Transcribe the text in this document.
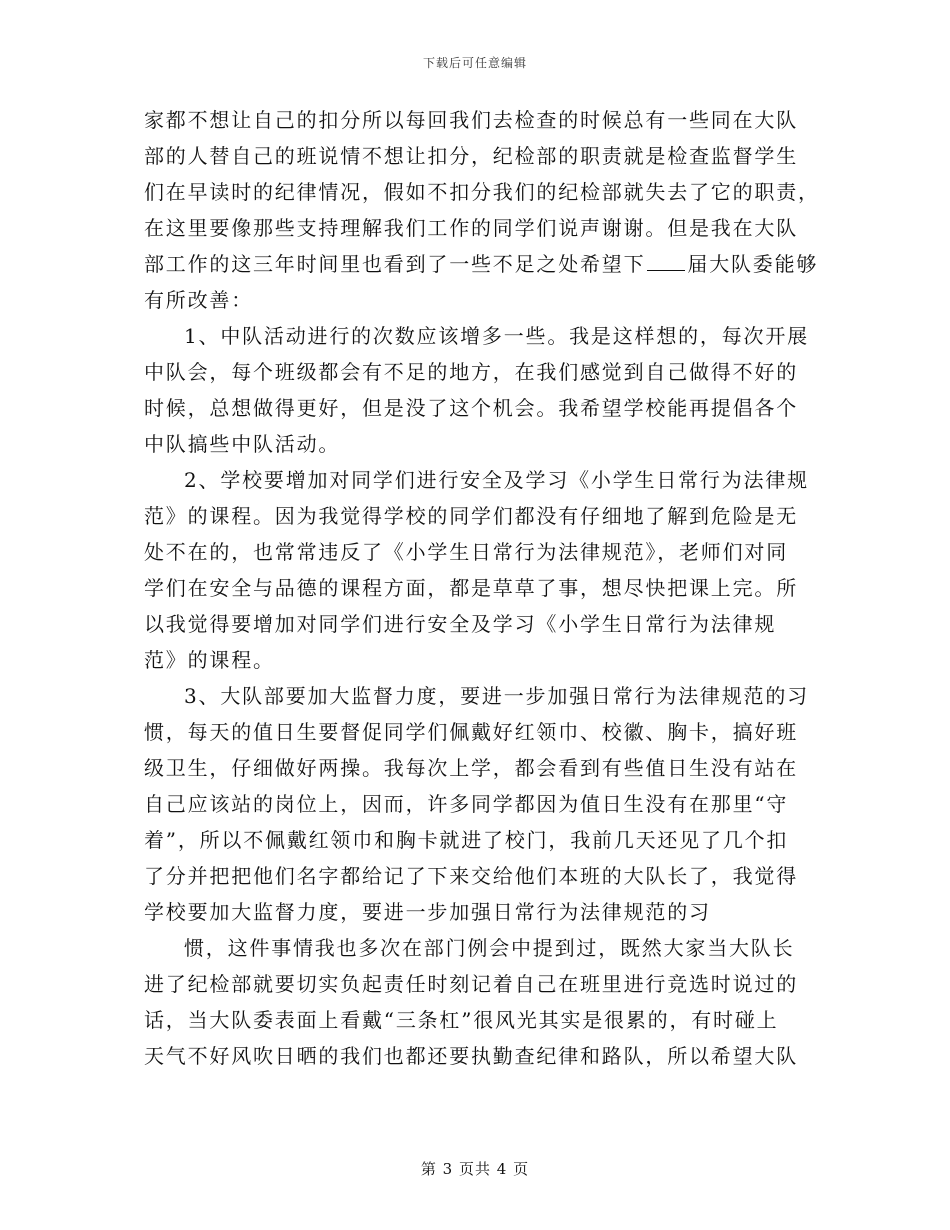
下载后可任意编辑
家都不想让自己的扣分所以每回我们去检查的时候总有一些同在大队
部的人替自己的班说情不想让扣分，纪检部的职责就是检查监督学生
们在早读时的纪律情况，假如不扣分我们的纪检部就失去了它的职责，
在这里要像那些支持理解我们工作的同学们说声谢谢。但是我在大队
部工作的这三年时间里也看到了一些不足之处希望下 届大队委能够
有所改善：
1、中队活动进行的次数应该增多一些。我是这样想的，每次开展
中队会，每个班级都会有不足的地方，在我们感觉到自己做得不好的
时候，总想做得更好，但是没了这个机会。我希望学校能再提倡各个
中队搞些中队活动。
2、学校要增加对同学们进行安全及学习《小学生日常行为法律规
范》的课程。因为我觉得学校的同学们都没有仔细地了解到危险是无
处不在的，也常常违反了《小学生日常行为法律规范》，老师们对同
学们在安全与品德的课程方面，都是草草了事，想尽快把课上完。所
以我觉得要增加对同学们进行安全及学习《小学生日常行为法律规
范》的课程。
3、大队部要加大监督力度，要进一步加强日常行为法律规范的习
惯，每天的值日生要督促同学们佩戴好红领巾、校徽、胸卡，搞好班
级卫生，仔细做好两操。我每次上学，都会看到有些值日生没有站在
自己应该站的岗位上，因而，许多同学都因为值日生没有在那里“守
着”，所以不佩戴红领巾和胸卡就进了校门，我前几天还见了几个扣
了分并把把他们名字都给记了下来交给他们本班的大队长了，我觉得
学校要加大监督力度，要进一步加强日常行为法律规范的习
惯，这件事情我也多次在部门例会中提到过，既然大家当大队长
进了纪检部就要切实负起责任时刻记着自己在班里进行竞选时说过的
话，当大队委表面上看戴“三条杠”很风光其实是很累的，有时碰上
天气不好风吹日晒的我们也都还要执勤查纪律和路队，所以希望大队
第 3 页共 4 页
